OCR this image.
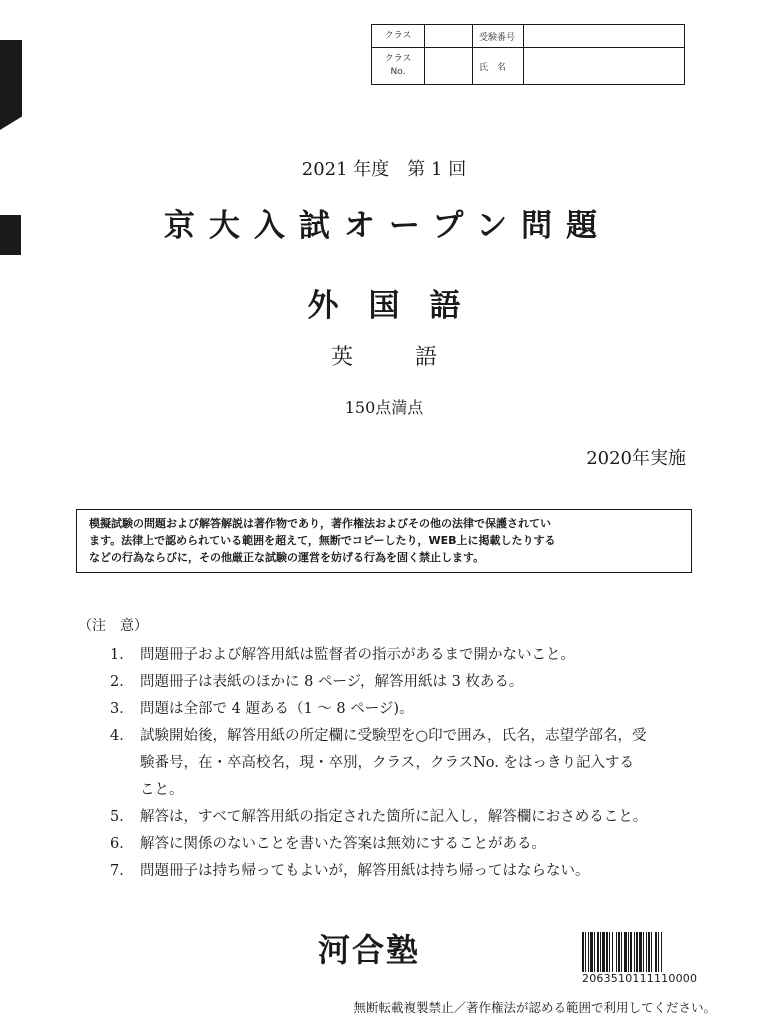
クラス		受験番号	

クラス
No.		氏　名	
2021 年度　第 1 回
京大入試オープン問題
外国語
英語
150点満点
2020年実施
模擬試験の問題および解答解説は著作物であり，著作権法およびその他の法律で保護されてい
ます。法律上で認められている範囲を超えて，無断でコピーしたり，WEB上に掲載したりする
などの行為ならびに，その他厳正な試験の運営を妨げる行為を固く禁止します。
（注　意）
1． 問題冊子および解答用紙は監督者の指示があるまで開かないこと。
2． 問題冊子は表紙のほかに 8 ページ，解答用紙は 3 枚ある。
3． 問題は全部で 4 題ある（1 ～ 8 ページ)。
4． 試験開始後，解答用紙の所定欄に受験型を○印で囲み，氏名，志望学部名，受
験番号，在・卒高校名，現・卒別，クラス，クラスNo. をはっきり記入する
こと。
5． 解答は，すべて解答用紙の指定された箇所に記入し，解答欄におさめること。
6． 解答に関係のないことを書いた答案は無効にすることがある。
7． 問題冊子は持ち帰ってもよいが，解答用紙は持ち帰ってはならない。
河合塾
2063510111110000
無断転載複製禁止／著作権法が認める範囲で利用してください。
